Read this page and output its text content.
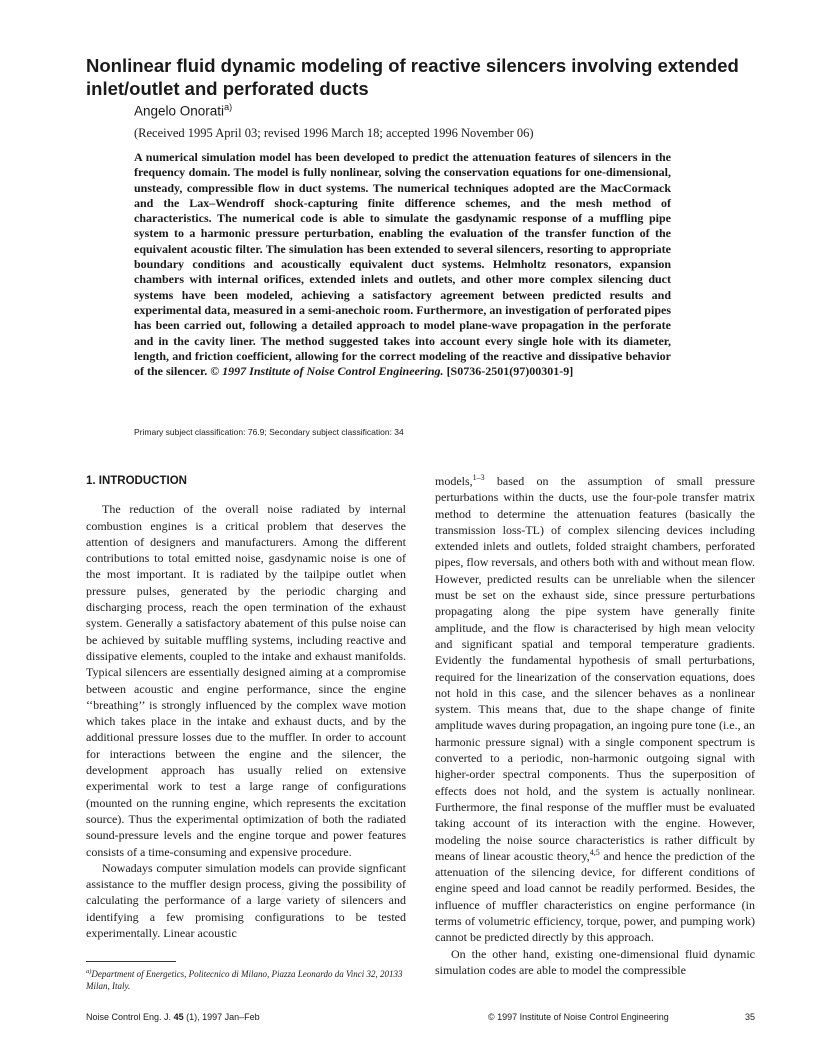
Nonlinear fluid dynamic modeling of reactive silencers involving extended inlet/outlet and perforated ducts
Angelo Onorati$^{a)}$
(Received 1995 April 03; revised 1996 March 18; accepted 1996 November 06)

A numerical simulation model has been developed to predict the attenuation features of silencers in the frequency domain. The model is fully nonlinear, solving the conservation equations for one-dimensional, unsteady, compressible flow in duct systems. The numerical techniques adopted are the MacCormack and the Lax–Wendroff shock-capturing finite difference schemes, and the mesh method of characteristics. The numerical code is able to simulate the gasdynamic response of a muffling pipe system to a harmonic pressure perturbation, enabling the evaluation of the transfer function of the equivalent acoustic filter. The simulation has been extended to several silencers, resorting to appropriate boundary conditions and acoustically equivalent duct systems. Helmholtz resonators, expansion chambers with internal orifices, extended inlets and outlets, and other more complex silencing duct systems have been modeled, achieving a satisfactory agreement between predicted results and experimental data, measured in a semi-anechoic room. Furthermore, an investigation of perforated pipes has been carried out, following a detailed approach to model plane-wave propagation in the perforate and in the cavity liner. The method suggested takes into account every single hole with its diameter, length, and friction coefficient, allowing for the correct modeling of the reactive and dissipative behavior of the silencer. © 1997 Institute of Noise Control Engineering. [S0736-2501(97)00301-9]

Primary subject classification: 76.9; Secondary subject classification: 34
1. INTRODUCTION

The reduction of the overall noise radiated by internal combustion engines is a critical problem that deserves the attention of designers and manufacturers. Among the different contributions to total emitted noise, gasdynamic noise is one of the most important. It is radiated by the tailpipe outlet when pressure pulses, generated by the periodic charging and discharging process, reach the open termination of the exhaust system. Generally a satisfactory abatement of this pulse noise can be achieved by suitable muffling systems, including reactive and dissipative elements, coupled to the intake and exhaust manifolds. Typical silencers are essentially designed aiming at a compromise between acoustic and engine performance, since the engine ‘‘breathing’’ is strongly influenced by the complex wave motion which takes place in the intake and exhaust ducts, and by the additional pressure losses due to the muffler. In order to account for interactions between the engine and the silencer, the development approach has usually relied on extensive experimental work to test a large range of configurations (mounted on the running engine, which represents the excitation source). Thus the experimental optimization of both the radiated sound-pressure levels and the engine torque and power features consists of a time-consuming and expensive procedure.

Nowadays computer simulation models can provide signficant assistance to the muffler design process, giving the possibility of calculating the performance of a large variety of silencers and identifying a few promising configurations to be tested experimentally. Linear acoustic

models,$^{1-3}$ based on the assumption of small pressure perturbations within the ducts, use the four-pole transfer matrix method to determine the attenuation features (basically the transmission loss-TL) of complex silencing devices including extended inlets and outlets, folded straight chambers, perforated pipes, flow reversals, and others both with and without mean flow. However, predicted results can be unreliable when the silencer must be set on the exhaust side, since pressure perturbations propagating along the pipe system have generally finite amplitude, and the flow is characterised by high mean velocity and significant spatial and temporal temperature gradients. Evidently the fundamental hypothesis of small perturbations, required for the linearization of the conservation equations, does not hold in this case, and the silencer behaves as a nonlinear system. This means that, due to the shape change of finite amplitude waves during propagation, an ingoing pure tone (i.e., an harmonic pressure signal) with a single component spectrum is converted to a periodic, non-harmonic outgoing signal with higher-order spectral components. Thus the superposition of effects does not hold, and the system is actually nonlinear. Furthermore, the final response of the muffler must be evaluated taking account of its interaction with the engine. However, modeling the noise source characteristics is rather difficult by means of linear acoustic theory,$^{4,5}$ and hence the prediction of the attenuation of the silencing device, for different conditions of engine speed and load cannot be readily performed. Besides, the influence of muffler characteristics on engine performance (in terms of volumetric efficiency, torque, power, and pumping work) cannot be predicted directly by this approach.

On the other hand, existing one-dimensional fluid dynamic simulation codes are able to model the compressible

$^{a)}$Department of Energetics, Politecnico di Milano, Piazza Leonardo da Vinci 32, 20133 Milan, Italy.
Noise Control Eng. J. 45 (1), 1997 Jan–Feb	© 1997 Institute of Noise Control Engineering	35
